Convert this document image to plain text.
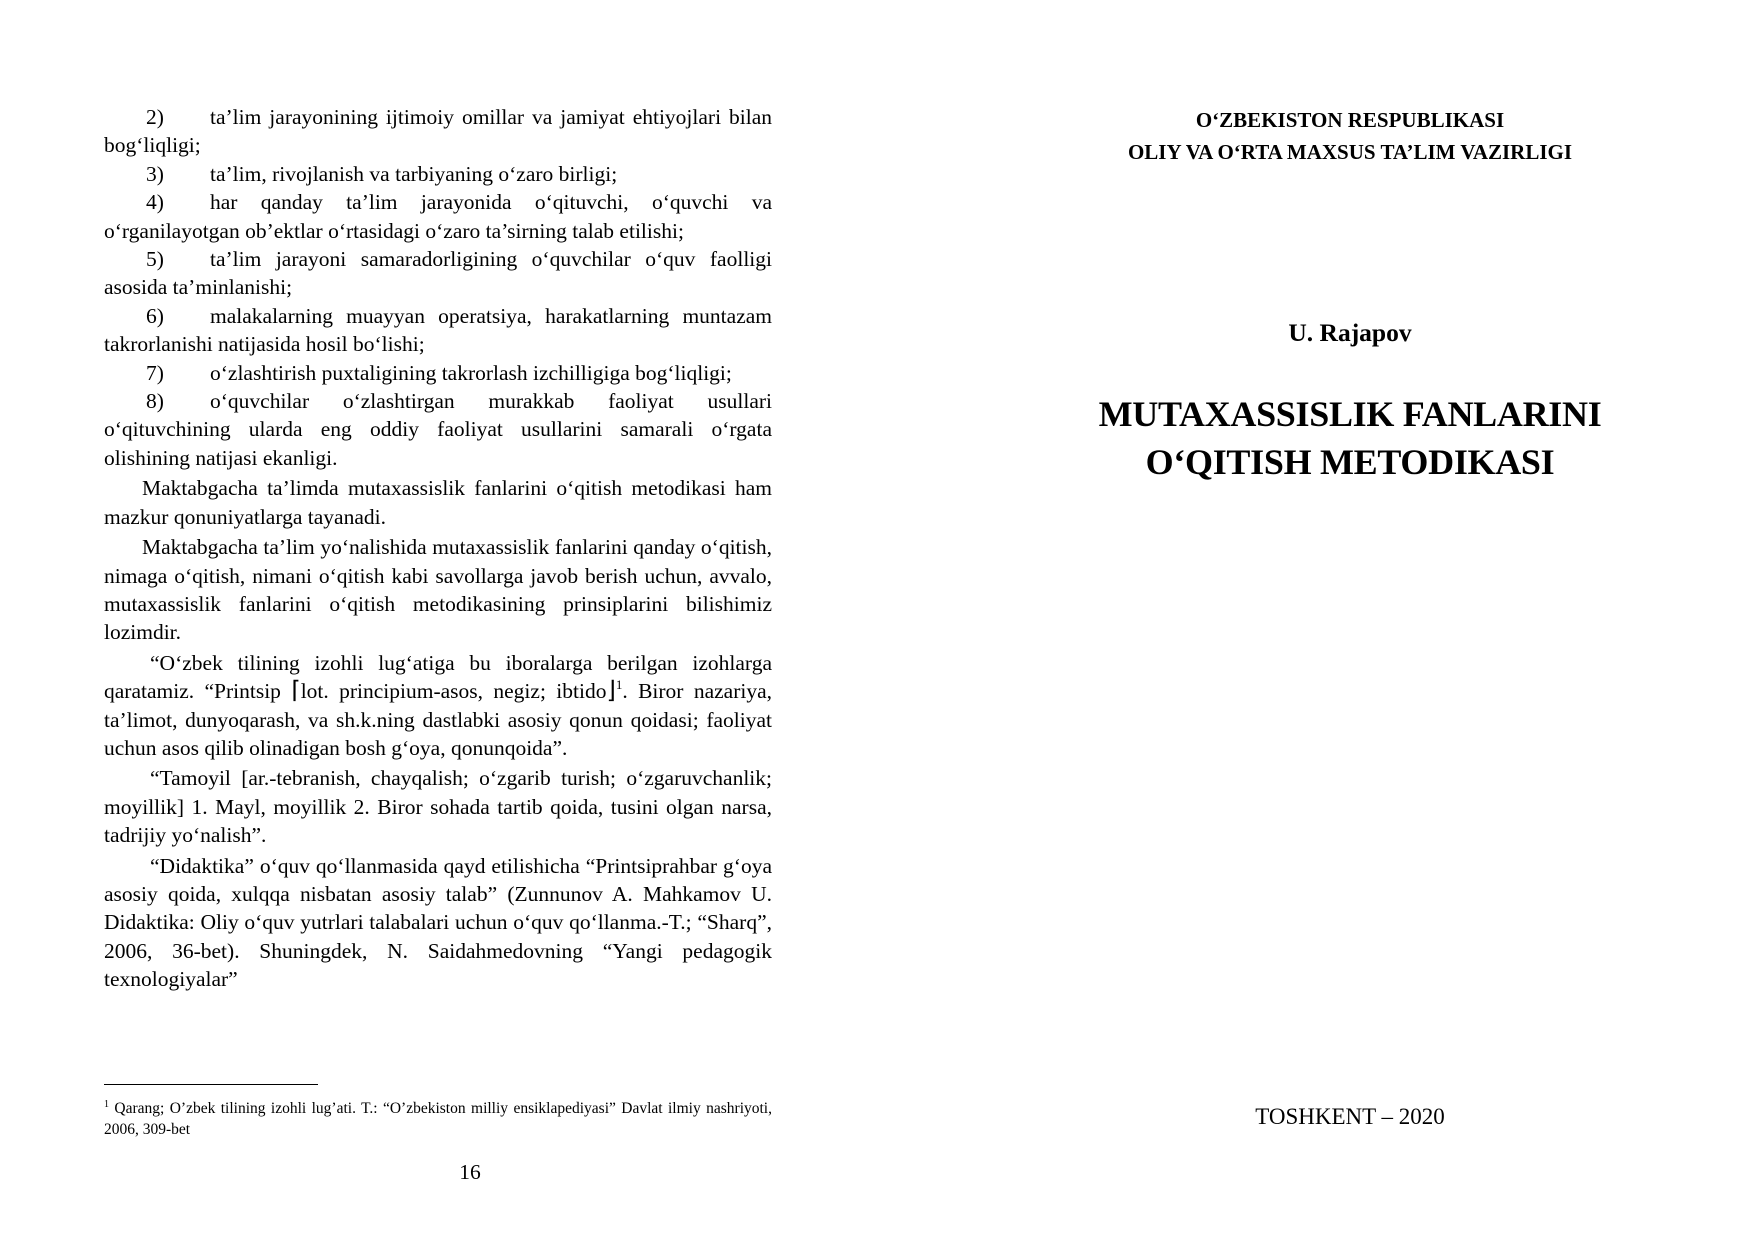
2) ta’lim jarayonining ijtimoiy omillar va jamiyat ehtiyojlari bilan bog‘liqligi;

3) ta’lim, rivojlanish va tarbiyaning o‘zaro birligi;

4) har qanday ta’lim jarayonida o‘qituvchi, o‘quvchi va o‘rganilayotgan ob’ektlar o‘rtasidagi o‘zaro ta’sirning talab etilishi;

5) ta’lim jarayoni samaradorligining o‘quvchilar o‘quv faolligi asosida ta’minlanishi;

6) malakalarning muayyan operatsiya, harakatlarning muntazam takrorlanishi natijasida hosil bo‘lishi;

7) o‘zlashtirish puxtaligining takrorlash izchilligiga bog‘liqligi;

8) o‘quvchilar o‘zlashtirgan murakkab faoliyat usullari o‘qituvchining ularda eng oddiy faoliyat usullarini samarali o‘rgata olishining natijasi ekanligi.

Maktabgacha ta’limda mutaxassislik fanlarini o‘qitish metodikasi ham mazkur qonuniyatlarga tayanadi.

Maktabgacha ta’lim yo‘nalishida mutaxassislik fanlarini qanday o‘qitish, nimaga o‘qitish, nimani o‘qitish kabi savollarga javob berish uchun, avvalo, mutaxassislik fanlarini o‘qitish metodikasining prinsiplarini bilishimiz lozimdir.

“O‘zbek tilining izohli lug‘atiga bu iboralarga berilgan izohlarga qaratamiz. “Printsip ⌈lot. principium-asos, negiz; ibtido⌋$^1$. Biror nazariya, ta’limot, dunyoqarash, va sh.k.ning dastlabki asosiy qonun qoidasi; faoliyat uchun asos qilib olinadigan bosh g‘oya, qonunqoida”.

“Tamoyil [ar.-tebranish, chayqalish; o‘zgarib turish; o‘zgaruvchanlik; moyillik] 1. Mayl, moyillik 2. Biror sohada tartib qoida, tusini olgan narsa, tadrijiy yo‘nalish”.

“Didaktika” o‘quv qo‘llanmasida qayd etilishicha “Printsiprahbar g‘oya asosiy qoida, xulqqa nisbatan asosiy talab” (Zunnunov A. Mahkamov U. Didaktika: Oliy o‘quv yutrlari talabalari uchun o‘quv qo‘llanma.-T.; “Sharq”, 2006, 36-bet). Shuningdek, N. Saidahmedovning “Yangi pedagogik texnologiyalar”

$^1$ Qarang; O’zbek tilining izohli lug’ati. T.: “O’zbekiston milliy ensiklapediyasi” Davlat ilmiy nashriyoti, 2006, 309-bet

16
O‘ZBEKISTON RESPUBLIKASI
OLIY VA O‘RTA MAXSUS TA’LIM VAZIRLIGI
U. Rajapov
MUTAXASSISLIK FANLARINI
O‘QITISH METODIKASI
TOSHKENT – 2020
